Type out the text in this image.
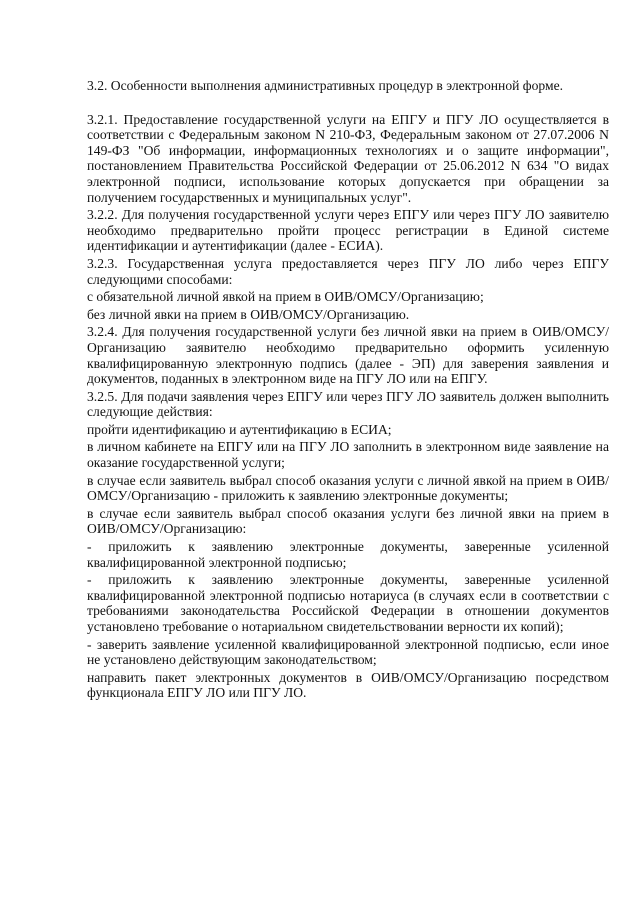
3.2. Особенности выполнения административных процедур в электронной форме.

3.2.1. Предоставление государственной услуги на ЕПГУ и ПГУ ЛО осуществляется в соответствии с Федеральным законом N 210-ФЗ, Федеральным законом от 27.07.2006 N 149-ФЗ "Об информации, информационных технологиях и о защите информации", постановлением Правительства Российской Федерации от 25.06.2012 N 634 "О видах электронной подписи, использование которых допускается при обращении за получением государственных и муниципальных услуг".

3.2.2. Для получения государственной услуги через ЕПГУ или через ПГУ ЛО заявителю необходимо предварительно пройти процесс регистрации в Единой системе идентификации и аутентификации (далее - ЕСИА).

3.2.3. Государственная услуга предоставляется через ПГУ ЛО либо через ЕПГУ следующими способами:

с обязательной личной явкой на прием в ОИВ/ОМСУ/Организацию;

без личной явки на прием в ОИВ/ОМСУ/Организацию.

3.2.4. Для получения государственной услуги без личной явки на прием в ОИВ/ОМСУ/Организацию заявителю необходимо предварительно оформить усиленную квалифицированную электронную подпись (далее - ЭП) для заверения заявления и документов, поданных в электронном виде на ПГУ ЛО или на ЕПГУ.

3.2.5. Для подачи заявления через ЕПГУ или через ПГУ ЛО заявитель должен выполнить следующие действия:

пройти идентификацию и аутентификацию в ЕСИА;

в личном кабинете на ЕПГУ или на ПГУ ЛО заполнить в электронном виде заявление на оказание государственной услуги;

в случае если заявитель выбрал способ оказания услуги с личной явкой на прием в ОИВ/ОМСУ/Организацию - приложить к заявлению электронные документы;

в случае если заявитель выбрал способ оказания услуги без личной явки на прием в ОИВ/ОМСУ/Организацию:

- приложить к заявлению электронные документы, заверенные усиленной квалифицированной электронной подписью;

- приложить к заявлению электронные документы, заверенные усиленной квалифицированной электронной подписью нотариуса (в случаях если в соответствии с требованиями законодательства Российской Федерации в отношении документов установлено требование о нотариальном свидетельствовании верности их копий);

- заверить заявление усиленной квалифицированной электронной подписью, если иное не установлено действующим законодательством;

направить пакет электронных документов в ОИВ/ОМСУ/Организацию посредством функционала ЕПГУ ЛО или ПГУ ЛО.
